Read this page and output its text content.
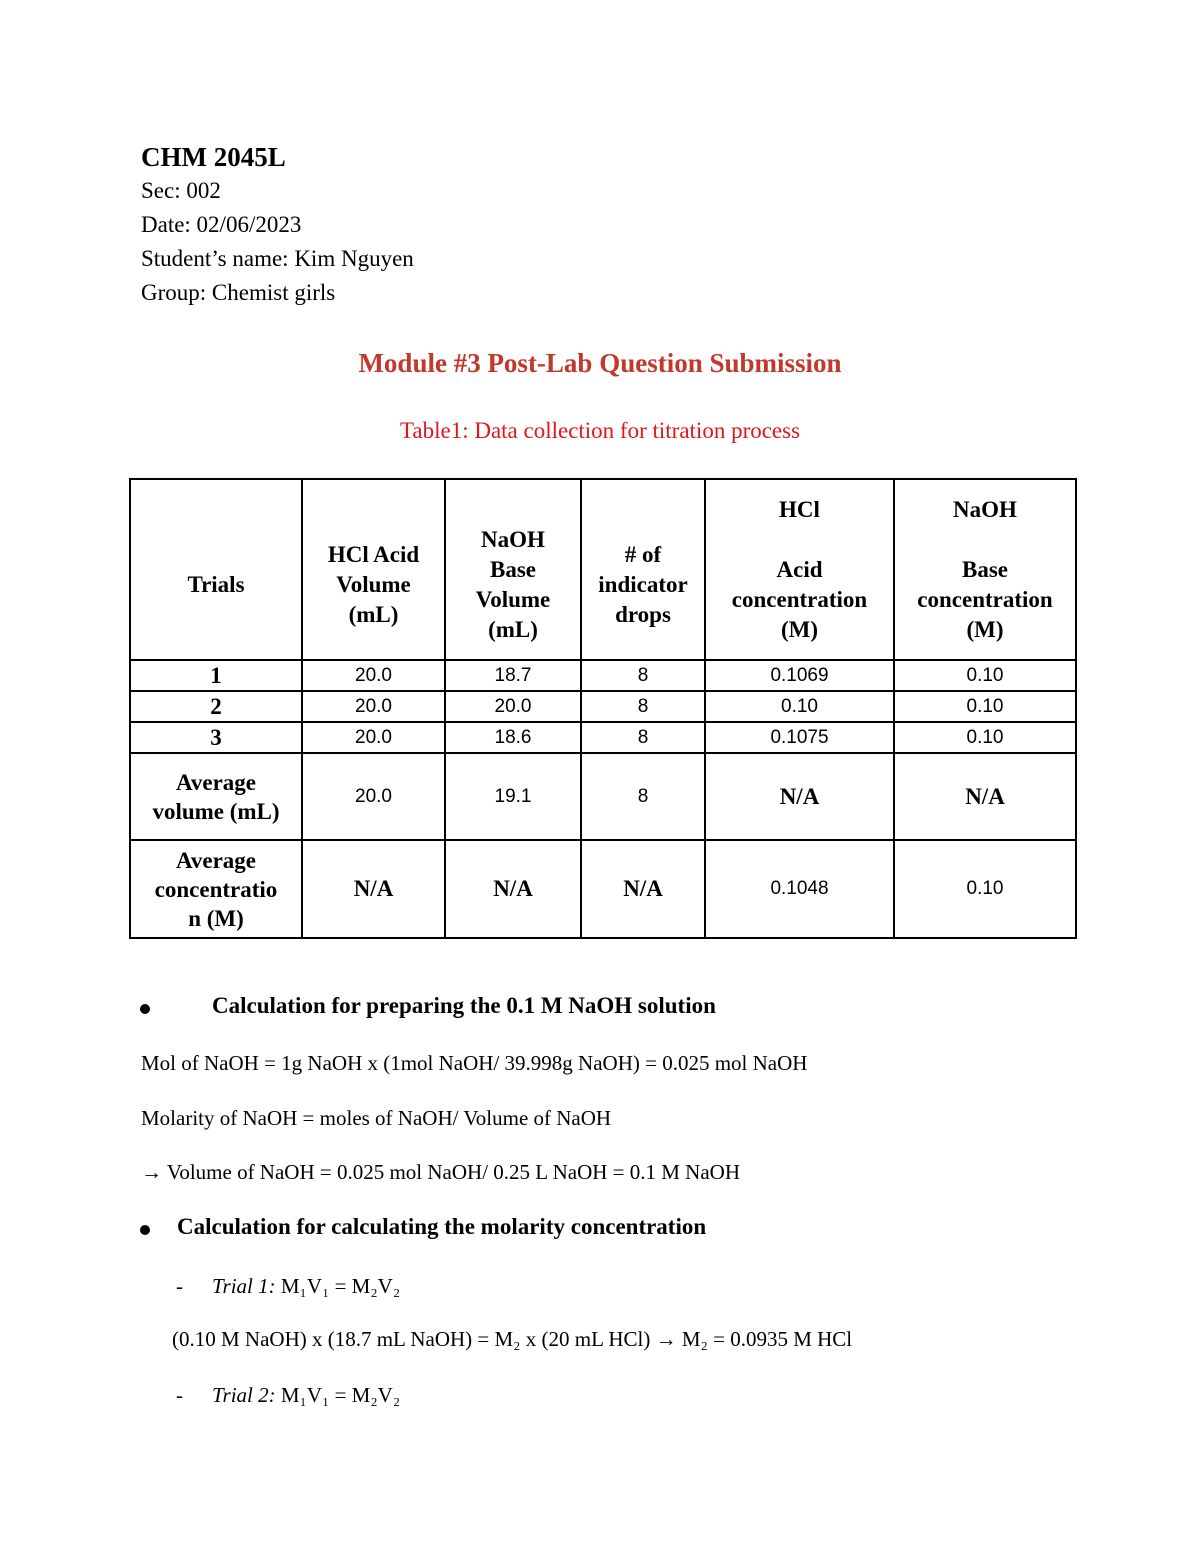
CHM 2045L

Sec: 002

Date: 02/06/2023

Student’s name: Kim Nguyen

Group: Chemist girls

Module #3 Post-Lab Question Submission
Table1: Data collection for titration process
Trials	HCl Acid
Volume
(mL)	NaOH
Base
Volume
(mL)	# of
indicator
drops	HCl

Acid
concentration
(M)	NaOH

Base
concentration
(M)
1	20.0	18.7	8	0.1069	0.10
2	20.0	20.0	8	0.10	0.10
3	20.0	18.6	8	0.1075	0.10
Average
volume (mL)	20.0	19.1	8	N/A	N/A
Average
concentratio
n (M)	N/A	N/A	N/A	0.1048	0.10
Calculation for preparing the 0.1 M NaOH solution
Mol of NaOH = 1g NaOH x (1mol NaOH/ 39.998g NaOH) = 0.025 mol NaOH
Molarity of NaOH = moles of NaOH/ Volume of NaOH
→ Volume of NaOH = 0.025 mol NaOH/ 0.25 L NaOH = 0.1 M NaOH
Calculation for calculating the molarity concentration
- Trial 1: M₁V₁ = M₂V₂
(0.10 M NaOH) x (18.7 mL NaOH) = M₂ x (20 mL HCl) → M₂ = 0.0935 M HCl
- Trial 2: M₁V₁ = M₂V₂
